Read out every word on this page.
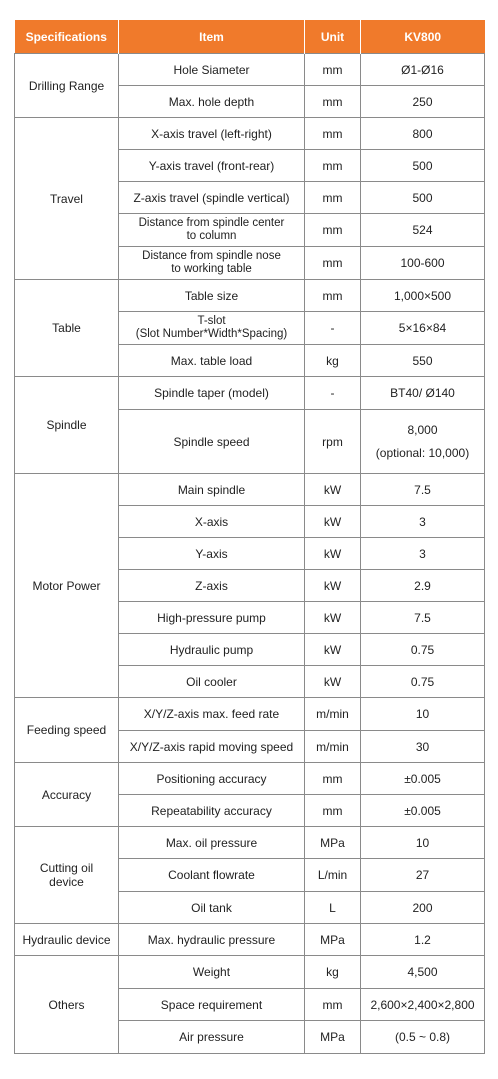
Specifications	Item	Unit	KV800

Drilling Range	Hole Siameter	mm	Ø1-Ø16

	Max. hole depth	mm	250

Travel	X-axis travel (left-right)	mm	800

	Y-axis travel (front-rear)	mm	500

	Z-axis travel (spindle vertical)	mm	500

	Distance from spindle center
to column	mm	524

	Distance from spindle nose
to working table	mm	100-600

Table	Table size	mm	1,000×500

	T-slot
(Slot Number*Width*Spacing)	-	5×16×84

	Max. table load	kg	550

Spindle	Spindle taper (model)	-	BT40/ Ø140

	Spindle speed	rpm	8,000
(optional: 10,000)

Motor Power	Main spindle	kW	7.5

	X-axis	kW	3

	Y-axis	kW	3

	Z-axis	kW	2.9

	High-pressure pump	kW	7.5

	Hydraulic pump	kW	0.75

	Oil cooler	kW	0.75

Feeding speed	X/Y/Z-axis max. feed rate	m/min	10

	X/Y/Z-axis rapid moving speed	m/min	30

Accuracy	Positioning accuracy	mm	±0.005

	Repeatability accuracy	mm	±0.005

Cutting oil
device	Max. oil pressure	MPa	10

	Coolant flowrate	L/min	27

	Oil tank	L	200

Hydraulic device	Max. hydraulic pressure	MPa	1.2

Others	Weight	kg	4,500

	Space requirement	mm	2,600×2,400×2,800

	Air pressure	MPa	(0.5 ~ 0.8)
